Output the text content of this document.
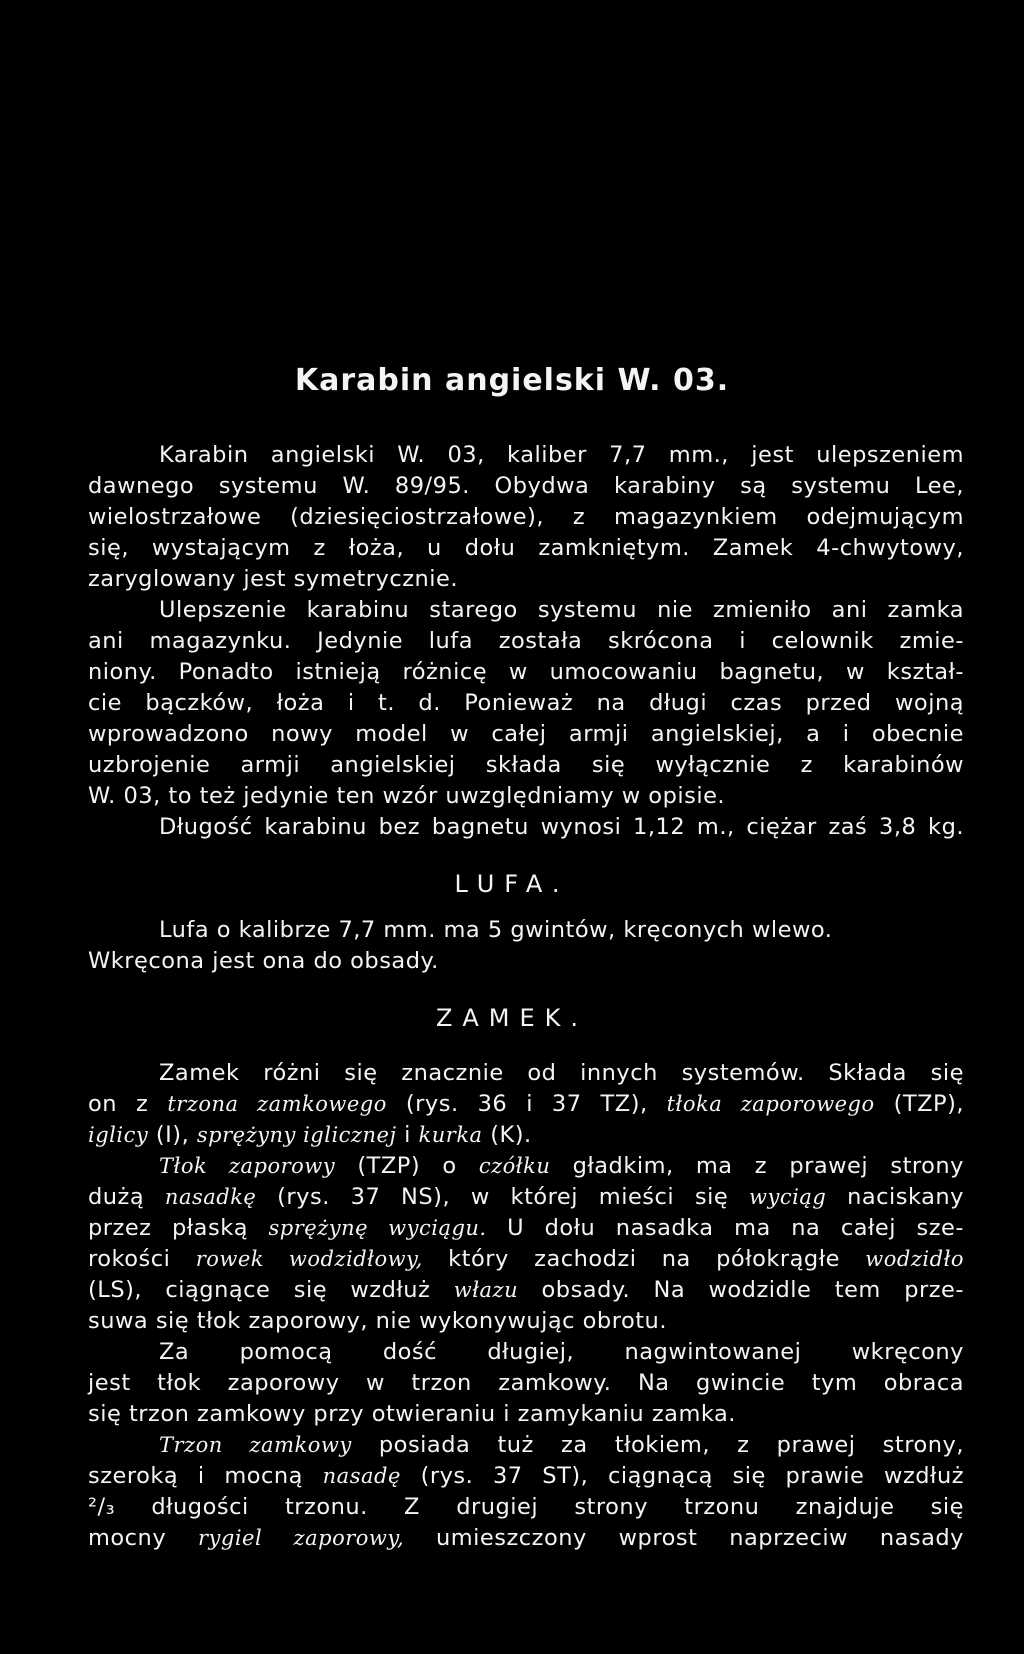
Karabin angielski W. 03.
Karabin angielski W. 03, kaliber 7,7 mm., jest ulepszeniem
dawnego systemu W. 89/95. Obydwa karabiny są systemu Lee,
wielostrzałowe (dziesięciostrzałowe), z magazynkiem odejmującym
się, wystającym z łoża, u dołu zamkniętym. Zamek 4-chwytowy,
zaryglowany jest symetrycznie.
Ulepszenie karabinu starego systemu nie zmieniło ani zamka
ani magazynku. Jedynie lufa została skrócona i celownik zmie-
niony. Ponadto istnieją różnicę w umocowaniu bagnetu, w kształ-
cie bączków, łoża i t. d. Ponieważ na długi czas przed wojną
wprowadzono nowy model w całej armji angielskiej, a i obecnie
uzbrojenie armji angielskiej składa się wyłącznie z karabinów
W. 03, to też jedynie ten wzór uwzględniamy w opisie.
Długość karabinu bez bagnetu wynosi 1,12 m., ciężar zaś 3,8 kg.
LUFA.
Lufa o kalibrze 7,7 mm. ma 5 gwintów, kręconych wlewo.
Wkręcona jest ona do obsady.
ZAMEK.
Zamek różni się znacznie od innych systemów. Składa się
on z trzona zamkowego (rys. 36 i 37 TZ), tłoka zaporowego (TZP),
iglicy (I), sprężyny iglicznej i kurka (K).
Tłok zaporowy (TZP) o czółku gładkim, ma z prawej strony
dużą nasadkę (rys. 37 NS), w której mieści się wyciąg naciskany
przez płaską sprężynę wyciągu. U dołu nasadka ma na całej sze-
rokości rowek wodzidłowy, który zachodzi na półokrągłe wodzidło
(LS), ciągnące się wzdłuż włazu obsady. Na wodzidle tem prze-
suwa się tłok zaporowy, nie wykonywując obrotu.
Za pomocą dość długiej, nagwintowanej wkręcony
jest tłok zaporowy w trzon zamkowy. Na gwincie tym obraca
się trzon zamkowy przy otwieraniu i zamykaniu zamka.
Trzon zamkowy posiada tuż za tłokiem, z prawej strony,
szeroką i mocną nasadę (rys. 37 ST), ciągnącą się prawie wzdłuż
²/₃ długości trzonu. Z drugiej strony trzonu znajduje się
mocny rygiel zaporowy, umieszczony wprost naprzeciw nasady
